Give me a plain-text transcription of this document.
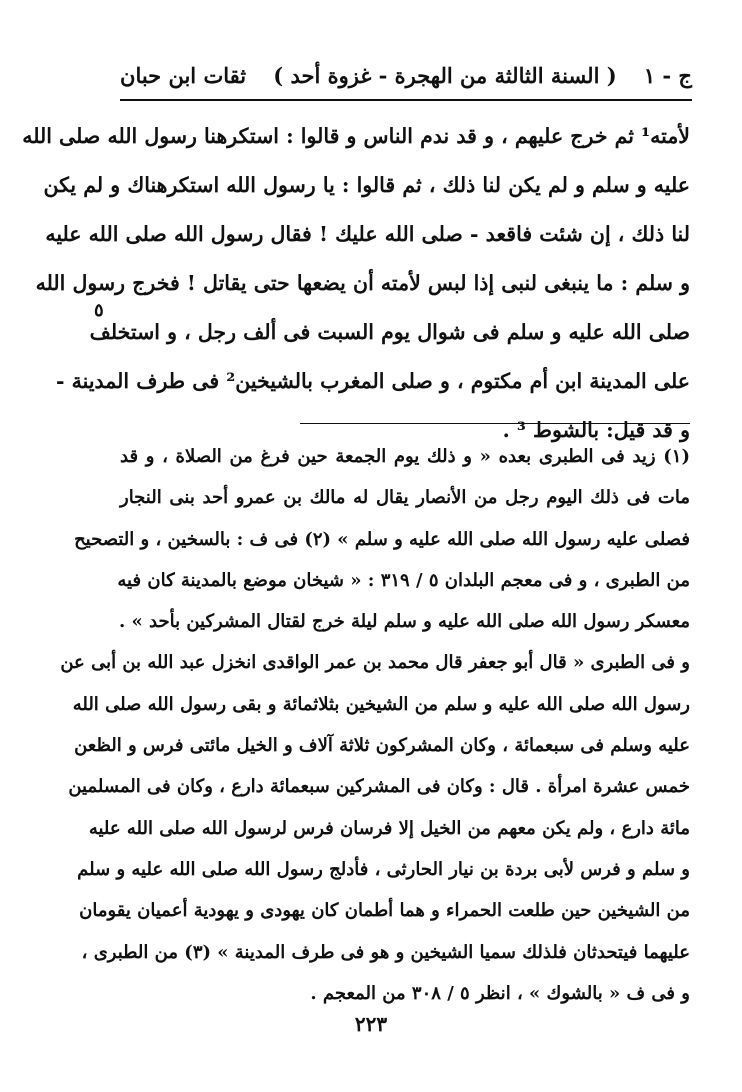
ثقات ابن حبان ( السنة الثالثة من الهجرة - غزوة أحد ) ج - ١
لأمته¹ ثم خرج عليهم ، و قد ندم الناس و قالوا : استكرهنا رسول الله صلى الله
عليه و سلم و لم يكن لنا ذلك ، ثم قالوا : يا رسول الله استكرهناك و لم يكن
لنا ذلك ، إن شئت فاقعد - صلى الله عليك ! فقال رسول الله صلى الله عليه
و سلم : ما ينبغى لنبى إذا لبس لأمته أن يضعها حتى يقاتل ! فخرج رسول الله
صلى الله عليه و سلم فى شوال يوم السبت فى ألف رجل ، و استخلف
على المدينة ابن أم مكتوم ، و صلى المغرب بالشيخين² فى طرف المدينة -
و قد قيل: بالشوط ³ .
٥
(١) زيد فى الطبرى بعده « و ذلك يوم الجمعة حين فرغ من الصلاة ، و قد
مات فى ذلك اليوم رجل من الأنصار يقال له مالك بن عمرو أحد بنى النجار
فصلى عليه رسول الله صلى الله عليه و سلم » (٢) فى ف : بالسخين ، و التصحيح
من الطبرى ، و فى معجم البلدان ٥ / ٣١٩ : « شيخان موضع بالمدينة كان فيه
معسكر رسول الله صلى الله عليه و سلم ليلة خرج لقتال المشركين بأحد » .
و فى الطبرى « قال أبو جعفر قال محمد بن عمر الواقدى انخزل عبد الله بن أبى عن
رسول الله صلى الله عليه و سلم من الشيخين بثلاثمائة و بقى رسول الله صلى الله
عليه وسلم فى سبعمائة ، وكان المشركون ثلاثة آلاف و الخيل مائتى فرس و الظعن
خمس عشرة امرأة . قال : وكان فى المشركين سبعمائة دارع ، وكان فى المسلمين
مائة دارع ، ولم يكن معهم من الخيل إلا فرسان فرس لرسول الله صلى الله عليه
و سلم و فرس لأبى بردة بن نيار الحارثى ، فأدلج رسول الله صلى الله عليه و سلم
من الشيخين حين طلعت الحمراء و هما أطمان كان يهودى و يهودية أعميان يقومان
عليهما فيتحدثان فلذلك سميا الشيخين و هو فى طرف المدينة » (٣) من الطبرى ،
و فى ف « بالشوك » ، انظر ٥ / ٣٠٨ من المعجم .
٢٢٣
